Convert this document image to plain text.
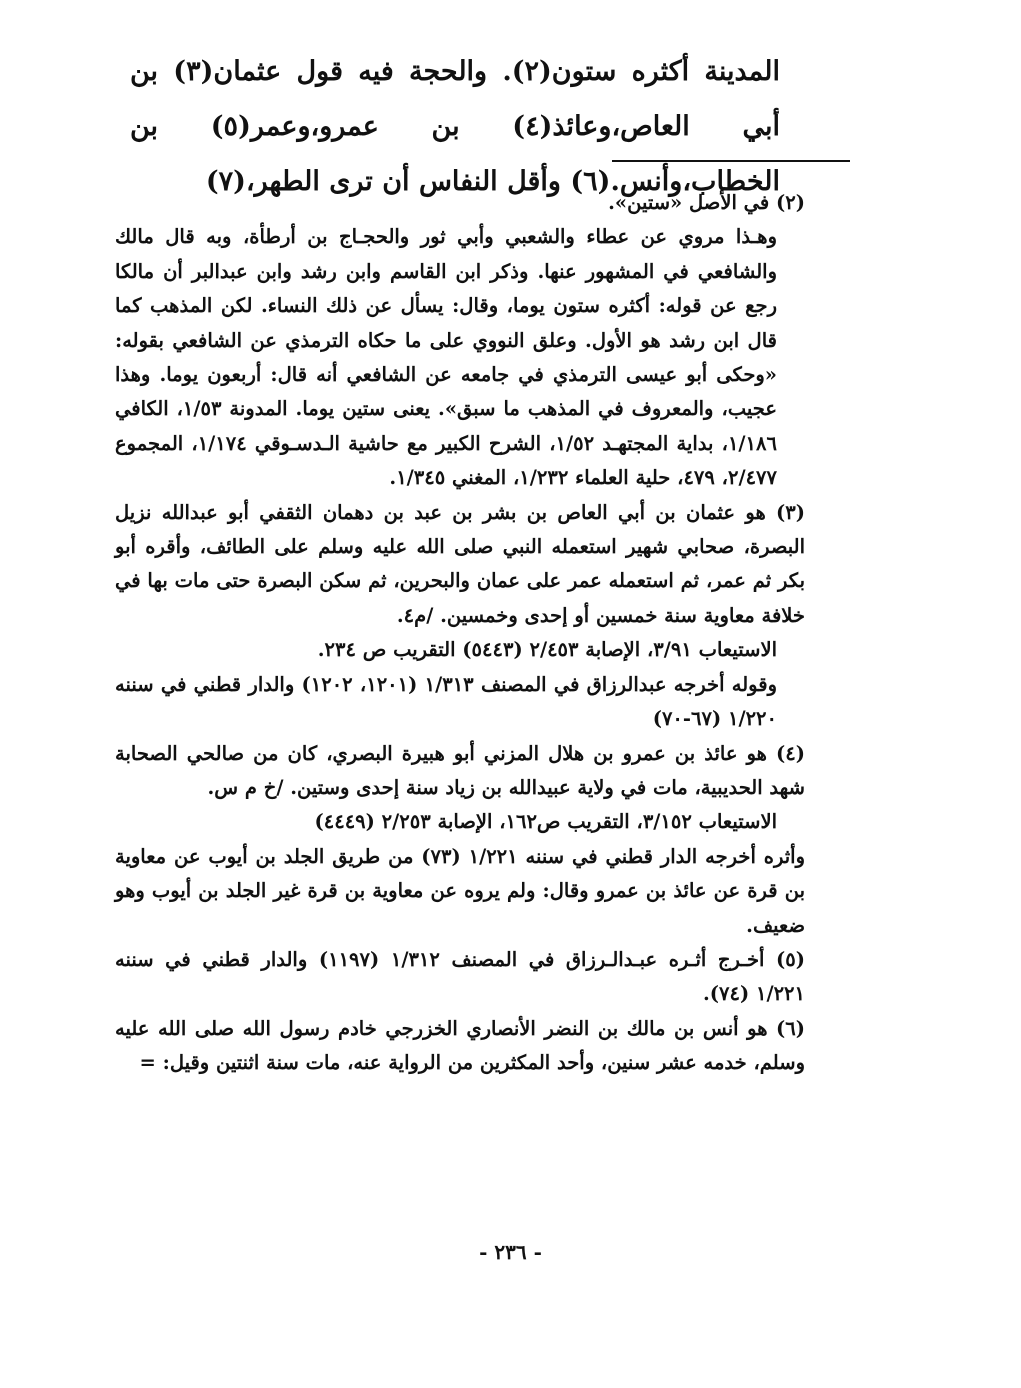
المدينة أكثره ستون(٢). والحجة فيه قول عثمان(٣) بن أبي العاص،وعائذ(٤) بن عمرو،وعمر(٥) بن الخطاب،وأنس.(٦) وأقل النفاس أن ترى الطهر،(٧)

(٢) في الأصل «ستين».

وهـذا مروي عن عطاء والشعبي وأبي ثور والحجـاج بن أرطأة، وبه قال مالك والشافعي في المشهور عنها. وذكر ابن القاسم وابن رشد وابن عبدالبر أن مالكا رجع عن قوله: أكثره ستون يوما، وقال: يسأل عن ذلك النساء. لكن المذهب كما قال ابن رشد هو الأول. وعلق النووي على ما حكاه الترمذي عن الشافعي بقوله: «وحكى أبو عيسى الترمذي في جامعه عن الشافعي أنه قال: أربعون يوما. وهذا عجيب، والمعروف في المذهب ما سبق». يعنى ستين يوما. المدونة ١/٥٣، الكافي ١/١٨٦، بداية المجتهـد ١/٥٢، الشرح الكبير مع حاشية الـدسـوقي ١/١٧٤، المجموع ٢/٤٧٧، ٤٧٩، حلية العلماء ١/٢٣٢، المغني ١/٣٤٥.

(٣) هو عثمان بن أبي العاص بن بشر بن عبد بن دهمان الثقفي أبو عبدالله نزيل البصرة، صحابي شهير استعمله النبي صلى الله عليه وسلم على الطائف، وأقره أبو بكر ثم عمر، ثم استعمله عمر على عمان والبحرين، ثم سكن البصرة حتى مات بها في خلافة معاوية سنة خمسين أو إحدى وخمسين. /م٤.

الاستيعاب ٣/٩١، الإصابة ٢/٤٥٣ (٥٤٤٣) التقريب ص ٢٣٤.

وقوله أخرجه عبدالرزاق في المصنف ١/٣١٣ (١٢٠١، ١٢٠٢) والدار قطني في سننه ١/٢٢٠ (٦٧-٧٠)

(٤) هو عائذ بن عمرو بن هلال المزني أبو هبيرة البصري، كان من صالحي الصحابة شهد الحديبية، مات في ولاية عبيدالله بن زياد سنة إحدى وستين. /خ م س.

الاستيعاب ٣/١٥٢، التقريب ص١٦٢، الإصابة ٢/٢٥٣ (٤٤٤٩)

وأثره أخرجه الدار قطني في سننه ١/٢٢١ (٧٣) من طريق الجلد بن أيوب عن معاوية بن قرة عن عائذ بن عمرو وقال: ولم يروه عن معاوية بن قرة غير الجلد بن أيوب وهو ضعيف.

(٥) أخـرج أثـره عبـدالـرزاق في المصنف ١/٣١٢ (١١٩٧) والدار قطني في سننه ١/٢٢١ (٧٤).

(٦) هو أنس بن مالك بن النضر الأنصاري الخزرجي خادم رسول الله صلى الله عليه وسلم، خدمه عشر سنين، وأحد المكثرين من الرواية عنه، مات سنة اثنتين وقيل: =

- ٢٣٦ -
